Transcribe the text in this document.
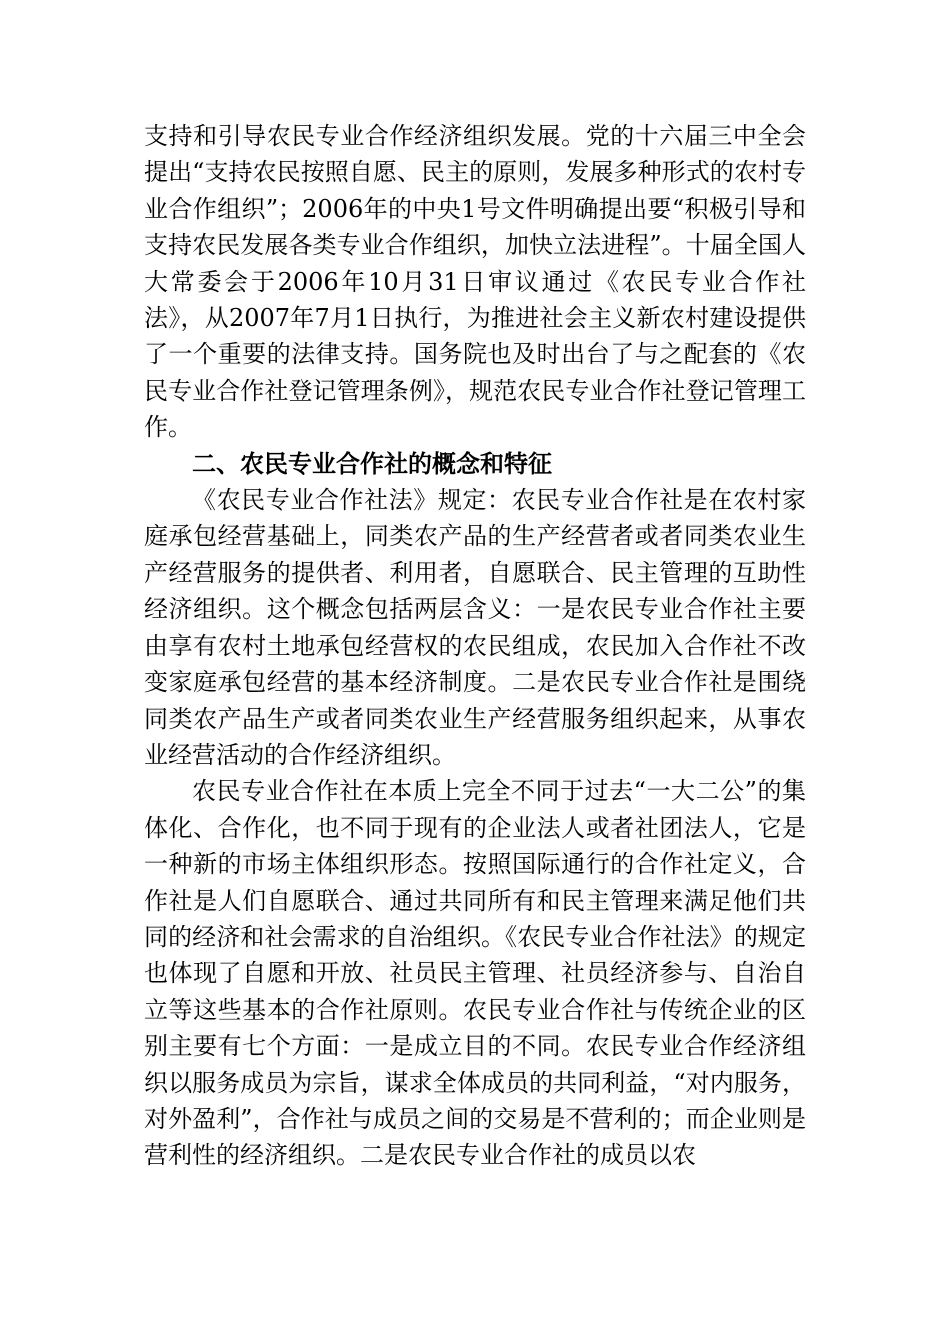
支持和引导农民专业合作经济组织发展。党的十六届三中全会提出“支持农民按照自愿、民主的原则，发展多种形式的农村专业合作组织”；2006年的中央1号文件明确提出要“积极引导和支持农民发展各类专业合作组织，加快立法进程”。十届全国人大常委会于2006年10月31日审议通过《农民专业合作社法》，从2007年7月1日执行，为推进社会主义新农村建设提供了一个重要的法律支持。国务院也及时出台了与之配套的《农民专业合作社登记管理条例》，规范农民专业合作社登记管理工作。

二、农民专业合作社的概念和特征

《农民专业合作社法》规定：农民专业合作社是在农村家庭承包经营基础上，同类农产品的生产经营者或者同类农业生产经营服务的提供者、利用者，自愿联合、民主管理的互助性经济组织。这个概念包括两层含义：一是农民专业合作社主要由享有农村土地承包经营权的农民组成，农民加入合作社不改变家庭承包经营的基本经济制度。二是农民专业合作社是围绕同类农产品生产或者同类农业生产经营服务组织起来，从事农业经营活动的合作经济组织。

农民专业合作社在本质上完全不同于过去“一大二公”的集体化、合作化，也不同于现有的企业法人或者社团法人，它是一种新的市场主体组织形态。按照国际通行的合作社定义，合作社是人们自愿联合、通过共同所有和民主管理来满足他们共同的经济和社会需求的自治组织。《农民专业合作社法》的规定也体现了自愿和开放、社员民主管理、社员经济参与、自治自立等这些基本的合作社原则。农民专业合作社与传统企业的区别主要有七个方面：一是成立目的不同。农民专业合作经济组织以服务成员为宗旨，谋求全体成员的共同利益，“对内服务，对外盈利”，合作社与成员之间的交易是不营利的；而企业则是营利性的经济组织。二是农民专业合作社的成员以农
